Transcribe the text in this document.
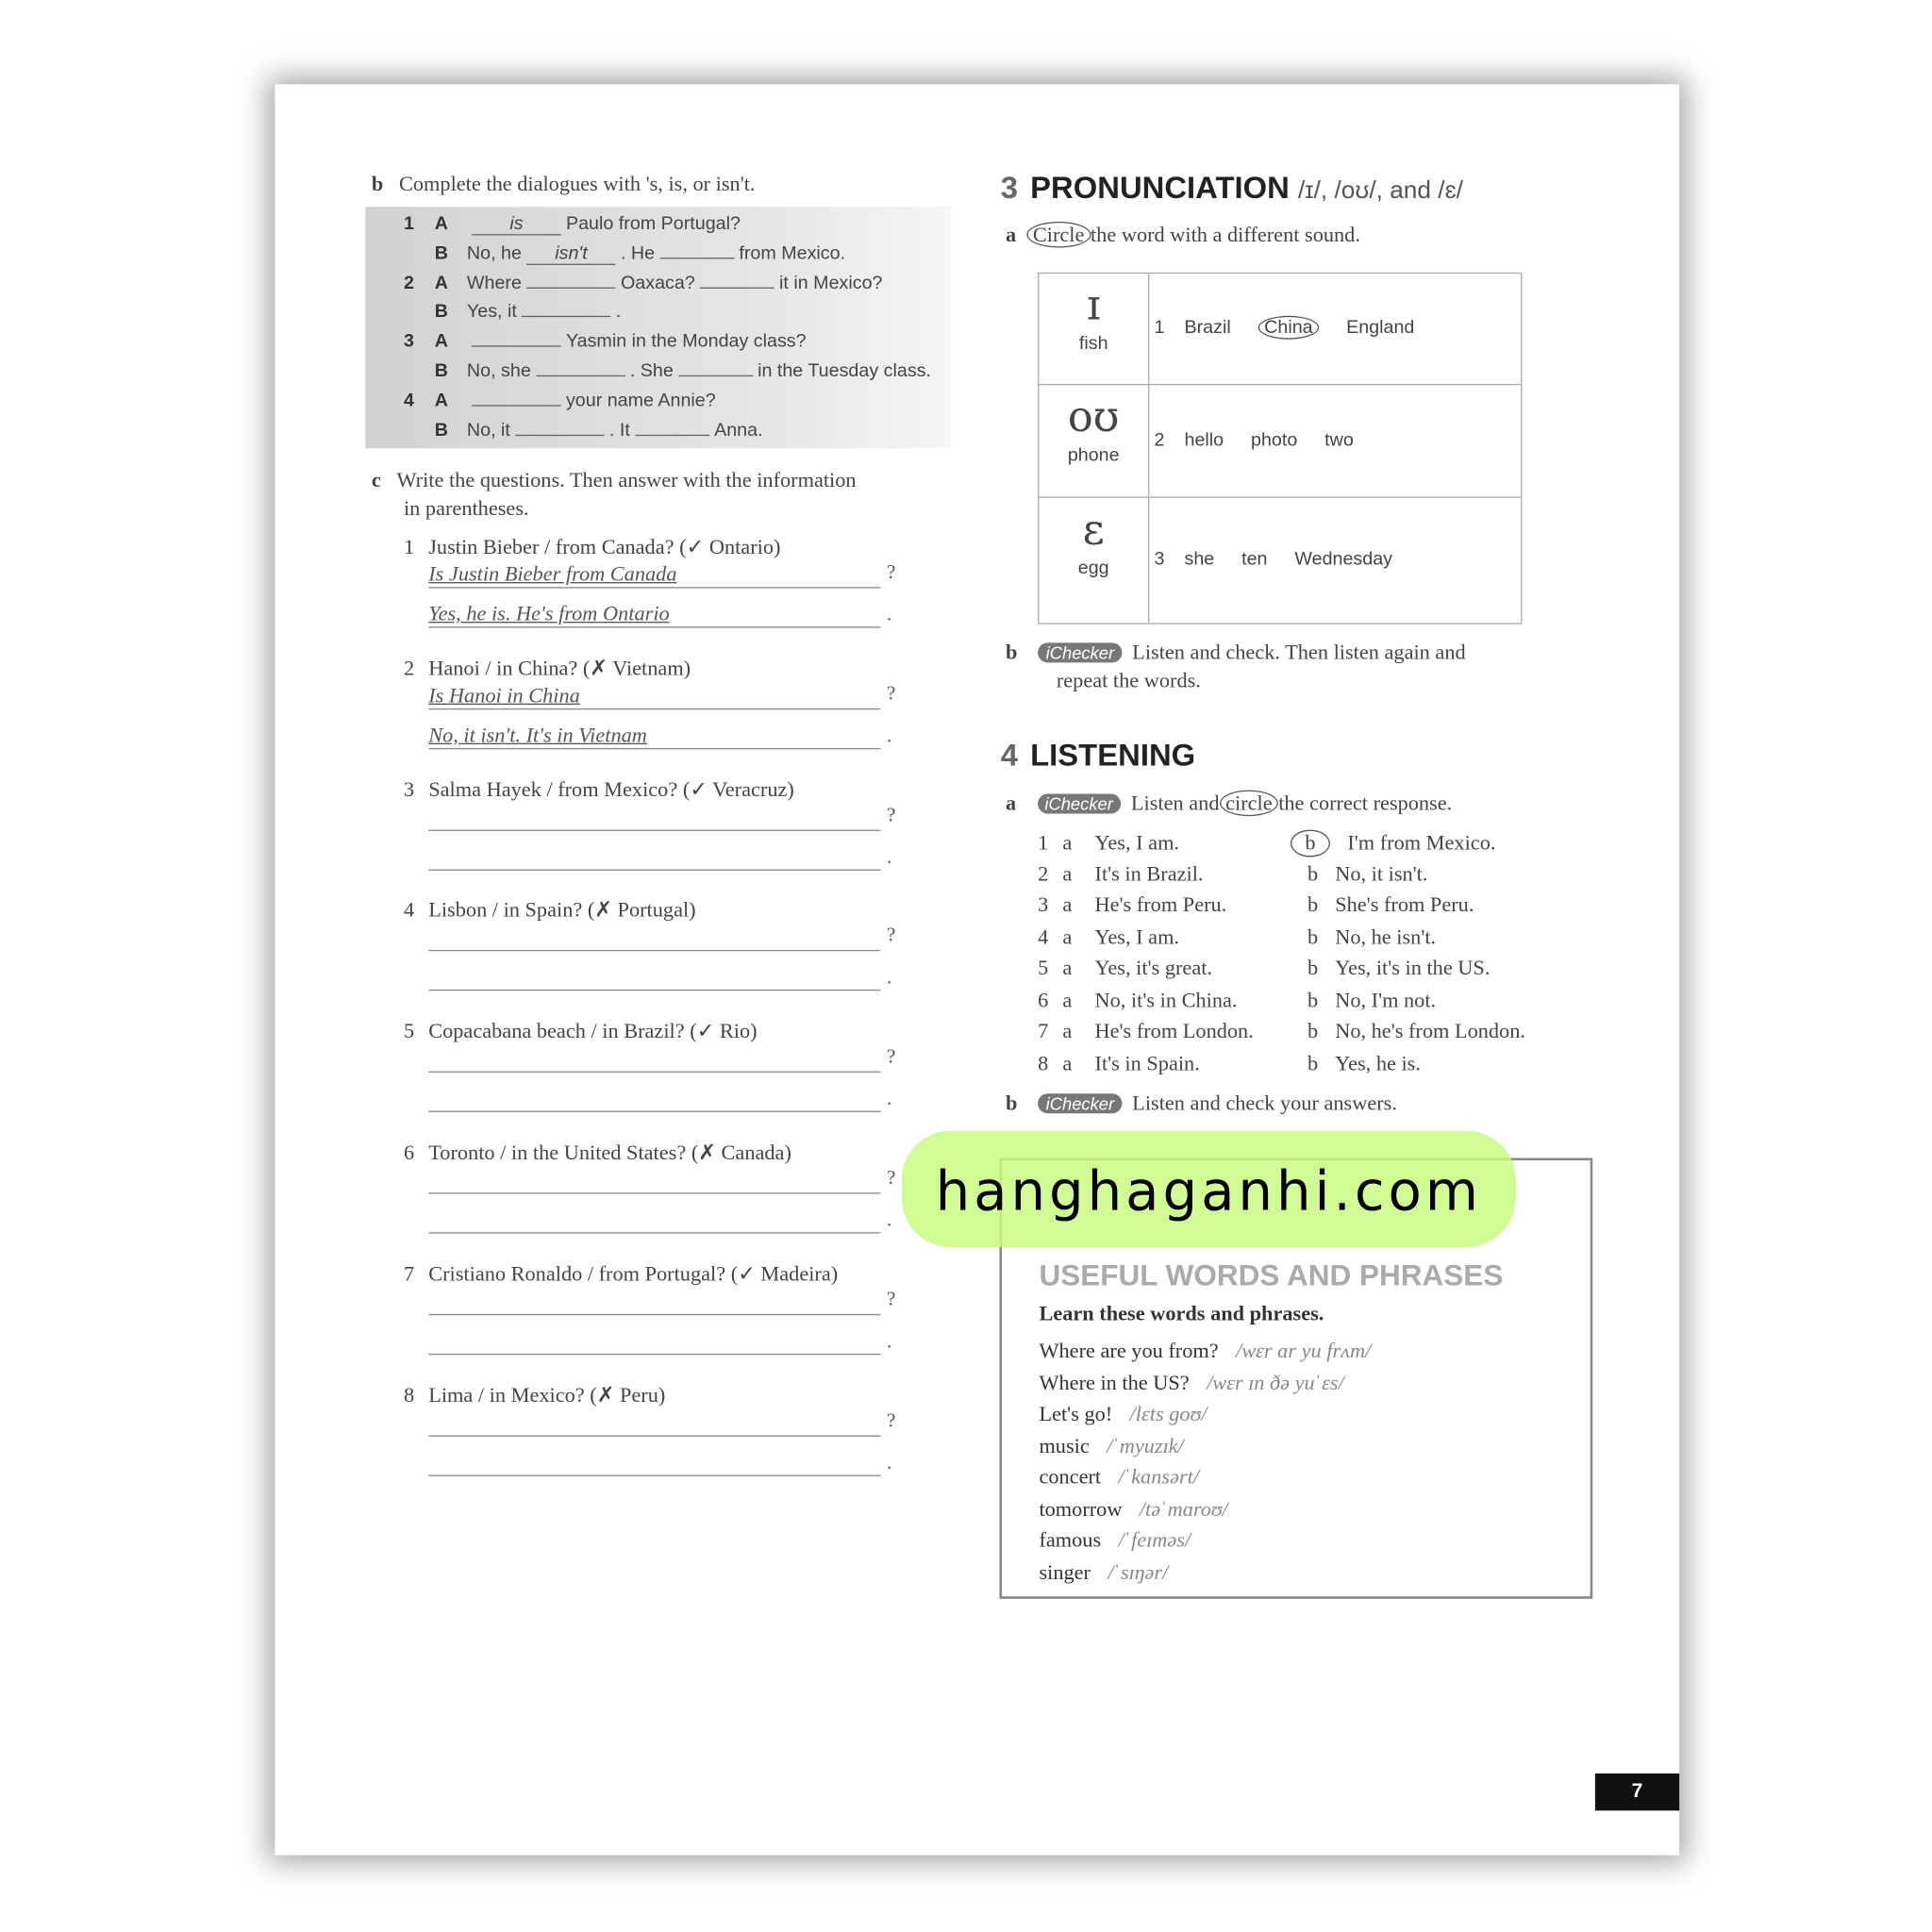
b Complete the dialogues with 's, is, or isn't.
1 A	is	Paulo from Portugal?
B No, he isn't . He	from Mexico.
2 A Where	Oaxaca?	it in Mexico?
B Yes, it	.
3 A	Yasmin in the Monday class?
B No, she	. She	in the Tuesday class.
4 A	your name Annie?
B No, it	. It	Anna.
c Write the questions. Then answer with the information
in parentheses.
1 Justin Bieber / from Canada? (✓ Ontario)
Is Justin Bieber from Canada	?
Yes, he is. He's from Ontario	.
2 Hanoi / in China? (✗ Vietnam)
Is Hanoi in China	?
No, it isn't. It's in Vietnam	.
3 Salma Hayek / from Mexico? (✓ Veracruz)
?
.
4 Lisbon / in Spain? (✗ Portugal)
?
.
5 Copacabana beach / in Brazil? (✓ Rio)
?
.
6 Toronto / in the United States? (✗ Canada)
?
.
7 Cristiano Ronaldo / from Portugal? (✓ Madeira)
?
.
8 Lima / in Mexico? (✗ Peru)
?
.
3 PRONUNCIATION /ɪ/, /oʊ/, and /ɛ/
a Circle the word with a different sound.
ɪ
fish
1 Brazil China England
oʊ
phone
2 hello photo two
ɛ
egg	3 she ten Wednesday
b iChecker Listen and check. Then listen again and
repeat the words.
4 LISTENING
a iChecker Listen and circle the correct response.
1 a Yes, I am.	b I'm from Mexico.
2 a It's in Brazil.	b No, it isn't.
3 a He's from Peru.	b She's from Peru.
4 a Yes, I am.	b No, he isn't.
5 a Yes, it's great.	b Yes, it's in the US.
6 a No, it's in China.	b No, I'm not.
7 a He's from London.	b No, he's from London.
8 a It's in Spain.	b Yes, he is.
b iChecker Listen and check your answers.
USEFUL WORDS AND PHRASES
Learn these words and phrases.
Where are you from? /wɛr ɑr yu frʌm/
Where in the US? /wɛr ɪn ðə yuˈɛs/
Let's go! /lɛts goʊ/
music /ˈmyuzɪk/
concert /ˈkɑnsərt/
tomorrow /təˈmɑroʊ/
famous /ˈfeɪməs/
singer /ˈsɪŋər/
hanghaganhi.com
7
